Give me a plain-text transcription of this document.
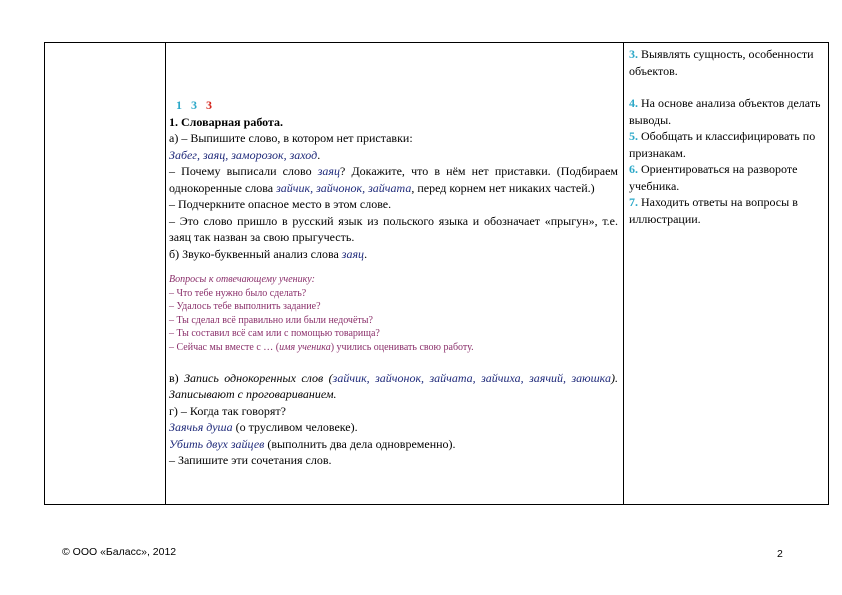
1 3 3

1. Словарная работа.

а) – Выпишите слово, в котором нет приставки:

Забег, заяц, заморозок, заход.

– Почему выписали слово заяц? Докажите, что в нём нет приставки. (Подбираем однокоренные слова зайчик, зайчонок, зайчата, перед корнем нет никаких частей.)

– Подчеркните опасное место в этом слове.

– Это слово пришло в русский язык из польского языка и обозначает «прыгун», т.е. заяц так назван за свою прыгучесть.

б) Звуко-буквенный анализ слова заяц.

Вопросы к отвечающему ученику:

– Что тебе нужно было сделать?

– Удалось тебе выполнить задание?

– Ты сделал всё правильно или были недочёты?

– Ты составил всё сам или с помощью товарища?

– Сейчас мы вместе с … (имя ученика) учились оценивать свою работу.

в) Запись однокоренных слов (зайчик, зайчонок, зайчата, зайчиха, заячий, заюшка). Записывают с проговариванием.

г) – Когда так говорят?

Заячья душа (о трусливом человеке).

Убить двух зайцев (выполнить два дела одновременно).

– Запишите эти сочетания слов.

3. Выявлять сущность, особенности объектов.

4. На основе анализа объектов делать выводы.

5. Обобщать и классифицировать по признакам.

6. Ориентироваться на развороте учебника.

7. Находить ответы на вопросы в иллюстрации.

© ООО «Баласс», 2012	2
